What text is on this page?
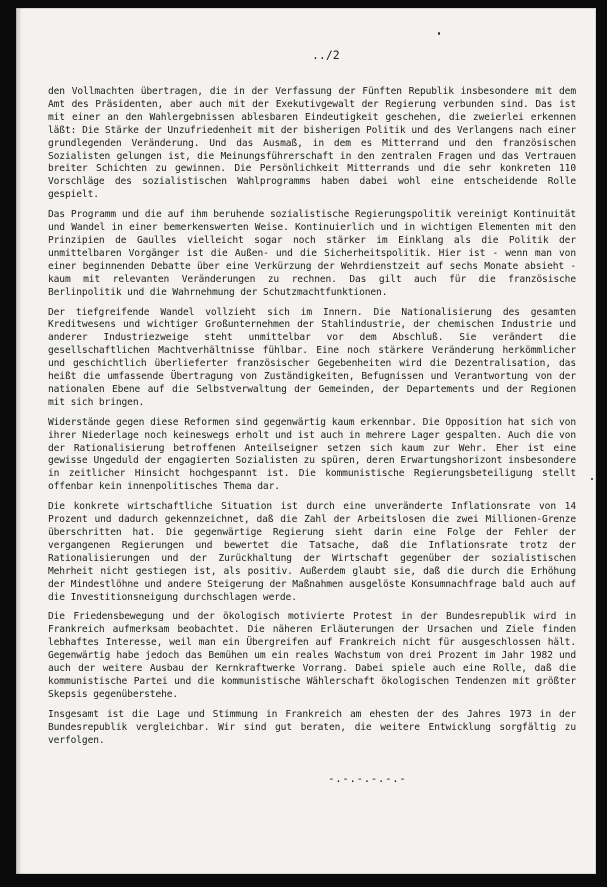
../2

den Vollmachten übertragen, die in der Verfassung der Fünften Republik insbesondere mit dem Amt des Präsidenten, aber auch mit der Exekutivgewalt der Regierung verbunden sind. Das ist mit einer an den Wahlergebnissen ablesbaren Eindeutigkeit geschehen, die zweierlei erkennen läßt: Die Stärke der Unzufriedenheit mit der bisherigen Politik und des Verlangens nach einer grundlegenden Veränderung. Und das Ausmaß, in dem es Mitterrand und den französischen Sozialisten gelungen ist, die Meinungsführerschaft in den zentralen Fragen und das Vertrauen breiter Schichten zu gewinnen. Die Persönlichkeit Mitterrands und die sehr konkreten 110 Vorschläge des sozialistischen Wahlprogramms haben dabei wohl eine entscheidende Rolle gespielt.

Das Programm und die auf ihm beruhende sozialistische Regierungspolitik vereinigt Kontinuität und Wandel in einer bemerkenswerten Weise. Kontinuierlich und in wichtigen Elementen mit den Prinzipien de Gaulles vielleicht sogar noch stärker im Einklang als die Politik der unmittelbaren Vorgänger ist die Außen- und die Sicherheitspolitik. Hier ist - wenn man von einer beginnenden Debatte über eine Verkürzung der Wehrdienstzeit auf sechs Monate absieht - kaum mit relevanten Veränderungen zu rechnen. Das gilt auch für die französische Berlinpolitik und die Wahrnehmung der Schutzmachtfunktionen.

Der tiefgreifende Wandel vollzieht sich im Innern. Die Nationalisierung des gesamten Kreditwesens und wichtiger Großunternehmen der Stahlindustrie, der chemischen Industrie und anderer Industriezweige steht unmittelbar vor dem Abschluß. Sie verändert die gesellschaftlichen Machtverhältnisse fühlbar. Eine noch stärkere Veränderung herkömmlicher und geschichtlich überlieferter französischer Gegebenheiten wird die Dezentralisation, das heißt die umfassende Übertragung von Zuständigkeiten, Befugnissen und Verantwortung von der nationalen Ebene auf die Selbstverwaltung der Gemeinden, der Departements und der Regionen mit sich bringen.

Widerstände gegen diese Reformen sind gegenwärtig kaum erkennbar. Die Opposition hat sich von ihrer Niederlage noch keineswegs erholt und ist auch in mehrere Lager gespalten. Auch die von der Rationalisierung betroffenen Anteilseigner setzen sich kaum zur Wehr. Eher ist eine gewisse Ungeduld der engagierten Sozialisten zu spüren, deren Erwartungshorizont insbesondere in zeitlicher Hinsicht hochgespannt ist. Die kommunistische Regierungsbeteiligung stellt offenbar kein innenpolitisches Thema dar.

Die konkrete wirtschaftliche Situation ist durch eine unveränderte Inflationsrate von 14 Prozent und dadurch gekennzeichnet, daß die Zahl der Arbeitslosen die zwei Millionen-Grenze überschritten hat. Die gegenwärtige Regierung sieht darin eine Folge der Fehler der vergangenen Regierungen und bewertet die Tatsache, daß die Inflationsrate trotz der Rationalisierungen und der Zurückhaltung der Wirtschaft gegenüber der sozialistischen Mehrheit nicht gestiegen ist, als positiv. Außerdem glaubt sie, daß die durch die Erhöhung der Mindestlöhne und andere Steigerung der Maßnahmen ausgelöste Konsumnachfrage bald auch auf die Investitionsneigung durchschlagen werde.

Die Friedensbewegung und der ökologisch motivierte Protest in der Bundesrepublik wird in Frankreich aufmerksam beobachtet. Die näheren Erläuterungen der Ursachen und Ziele finden lebhaftes Interesse, weil man ein Übergreifen auf Frankreich nicht für ausgeschlossen hält. Gegenwärtig habe jedoch das Bemühen um ein reales Wachstum von drei Prozent im Jahr 1982 und auch der weitere Ausbau der Kernkraftwerke Vorrang. Dabei spiele auch eine Rolle, daß die kommunistische Partei und die kommunistische Wählerschaft ökologischen Tendenzen mit größter Skepsis gegenüberstehe.

Insgesamt ist die Lage und Stimmung in Frankreich am ehesten der des Jahres 1973 in der Bundesrepublik vergleichbar. Wir sind gut beraten, die weitere Entwicklung sorgfältig zu verfolgen.

-.-.-.-.-.-
